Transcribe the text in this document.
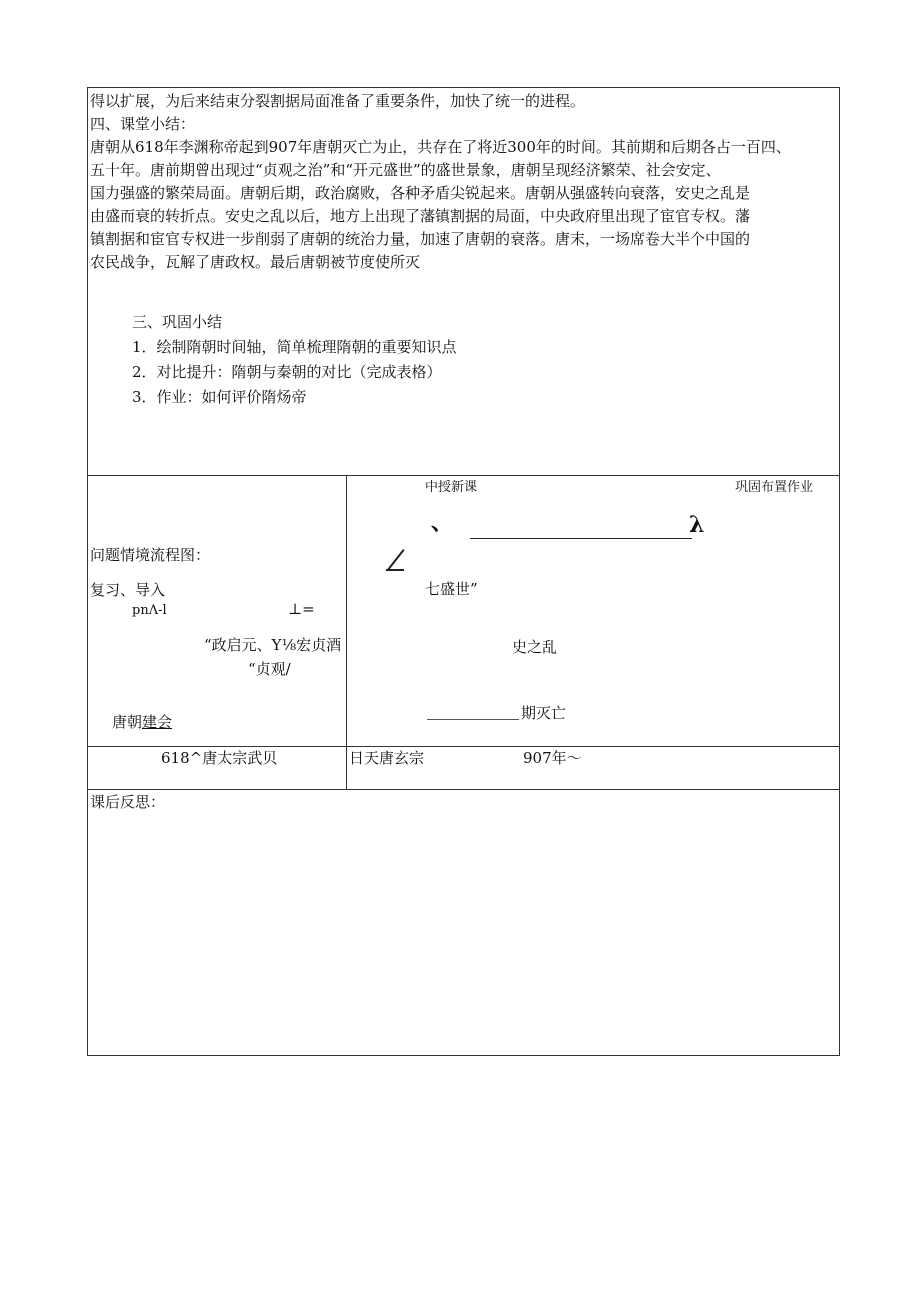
得以扩展，为后来结束分裂割据局面准备了重要条件，加快了统一的进程。

四、课堂小结：

唐朝从618年李渊称帝起到907年唐朝灭亡为止，共存在了将近300年的时间。其前期和后期各占一百四、

五十年。唐前期曾出现过“贞观之治”和“开元盛世”的盛世景象，唐朝呈现经济繁荣、社会安定、

国力强盛的繁荣局面。唐朝后期，政治腐败，各种矛盾尖锐起来。唐朝从强盛转向衰落，安史之乱是

由盛而衰的转折点。安史之乱以后，地方上出现了藩镇割据的局面，中央政府里出现了宦官专权。藩

镇割据和宦官专权进一步削弱了唐朝的统治力量，加速了唐朝的衰落。唐末，一场席卷大半个中国的

农民战争，瓦解了唐政权。最后唐朝被节度使所灭

三、巩固小结

1．绘制隋朝时间轴，简单梳理隋朝的重要知识点

2．对比提升：隋朝与秦朝的对比（完成表格）

3．作业：如何评价隋炀帝

问题情境流程图：
复习、导入
pnΛ-l	⊥=
“政启元、Y⅛宏贞酒
“贞观/
唐朝建会
中授新课	巩固布置作业
、	λ
七盛世”
史之乱
期灭亡
618^唐太宗武贝	日天唐玄宗	907年～
课后反思：
